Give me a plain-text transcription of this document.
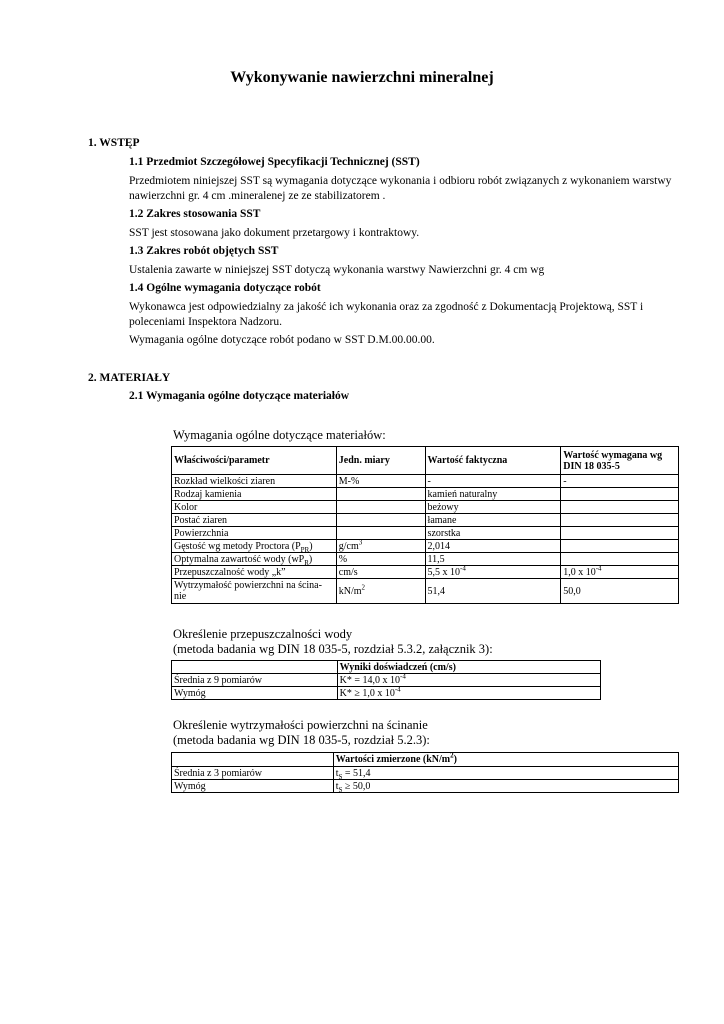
Wykonywanie nawierzchni mineralnej
1. WSTĘP
1.1 Przedmiot Szczegółowej Specyfikacji Technicznej (SST)
Przedmiotem niniejszej SST są wymagania dotyczące wykonania i odbioru robót związanych z wykonaniem warstwy nawierzchni gr. 4 cm .mineralenej ze ze stabilizatorem .
1.2 Zakres stosowania SST
SST jest stosowana jako dokument przetargowy i kontraktowy.
1.3 Zakres robót objętych SST
Ustalenia zawarte w niniejszej SST dotyczą wykonania warstwy Nawierzchni gr. 4 cm wg
1.4 Ogólne wymagania dotyczące robót
Wykonawca jest odpowiedzialny za jakość ich wykonania oraz za zgodność z Dokumentacją Projektową, SST i poleceniami Inspektora Nadzoru.
Wymagania ogólne dotyczące robót podano w SST D.M.00.00.00.
2. MATERIAŁY
2.1 Wymagania ogólne dotyczące materiałów
Wymagania ogólne dotyczące materiałów:
Właściwości/parametr	Jedn. miary	Wartość faktyczna	Wartość wymagana wg DIN 18 035-5
Rozkład wielkości ziaren	M-%	-	-
Rodzaj kamienia		kamień naturalny	
Kolor		beżowy	
Postać ziaren		łamane	
Powierzchnia		szorstka	
Gęstość wg metody Proctora $(P_{PR})$	$g/cm^3$	2,014	
Optymalna zawartość wody $(wP_R)$	%	11,5	
Przepuszczalność wody „k”	cm/s	5,5 x $10^{-4}$	1,0 x $10^{-4}$
Wytrzymałość powierzchni na ścina-nie	$kN/m^2$	51,4	50,0
Określenie przepuszczalności wody
(metoda badania wg DIN 18 035-5, rozdział 5.3.2, załącznik 3):
	Wyniki doświadczeń (cm/s)
Średnia z 9 pomiarów	K* = 14,0 x $10^{-4}$
Wymóg	K* ≥ 1,0 x $10^{-4}$
Określenie wytrzymałości powierzchni na ścinanie
(metoda badania wg DIN 18 035-5, rozdział 5.2.3):
	Wartości zmierzone $(kN/m^2)$
Średnia z 3 pomiarów	$t_S = 51,4$
Wymóg	$t_S \ge 50,0$
